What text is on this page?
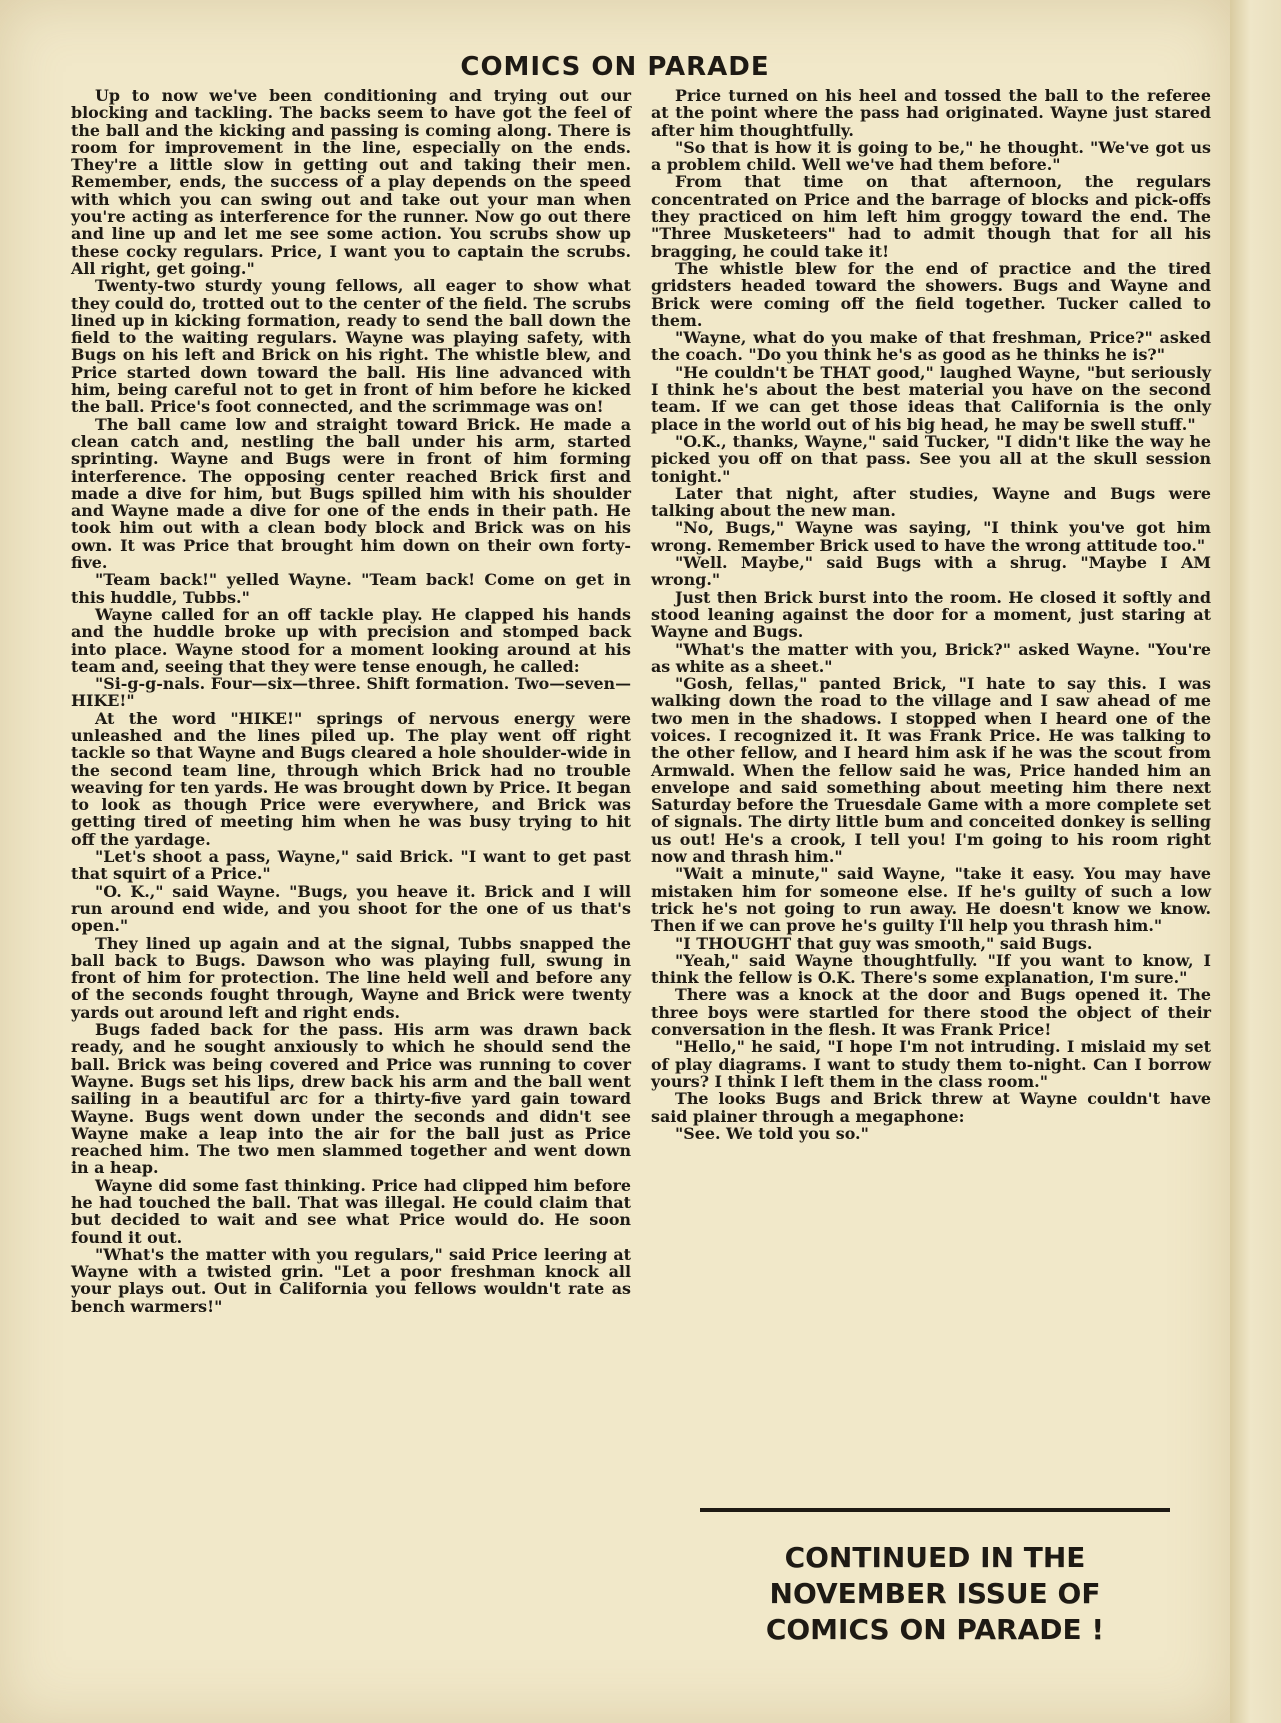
COMICS ON PARADE

Up to now we've been conditioning and trying out our blocking and tackling. The backs seem to have got the feel of the ball and the kicking and passing is coming along. There is room for improvement in the line, especially on the ends. They're a little slow in getting out and taking their men. Remember, ends, the success of a play depends on the speed with which you can swing out and take out your man when you're acting as interference for the runner. Now go out there and line up and let me see some action. You scrubs show up these cocky regulars. Price, I want you to captain the scrubs. All right, get going."

Twenty-two sturdy young fellows, all eager to show what they could do, trotted out to the center of the field. The scrubs lined up in kicking formation, ready to send the ball down the field to the waiting regulars. Wayne was playing safety, with Bugs on his left and Brick on his right. The whistle blew, and Price started down toward the ball. His line advanced with him, being careful not to get in front of him before he kicked the ball. Price's foot connected, and the scrimmage was on!

The ball came low and straight toward Brick. He made a clean catch and, nestling the ball under his arm, started sprinting. Wayne and Bugs were in front of him forming interference. The opposing center reached Brick first and made a dive for him, but Bugs spilled him with his shoulder and Wayne made a dive for one of the ends in their path. He took him out with a clean body block and Brick was on his own. It was Price that brought him down on their own forty-five.

"Team back!" yelled Wayne. "Team back! Come on get in this huddle, Tubbs."

Wayne called for an off tackle play. He clapped his hands and the huddle broke up with precision and stomped back into place. Wayne stood for a moment looking around at his team and, seeing that they were tense enough, he called:

"Si-g-g-nals. Four—six—three. Shift formation. Two—seven—HIKE!"

At the word "HIKE!" springs of nervous energy were unleashed and the lines piled up. The play went off right tackle so that Wayne and Bugs cleared a hole shoulder-wide in the second team line, through which Brick had no trouble weaving for ten yards. He was brought down by Price. It began to look as though Price were everywhere, and Brick was getting tired of meeting him when he was busy trying to hit off the yardage.

"Let's shoot a pass, Wayne," said Brick. "I want to get past that squirt of a Price."

"O. K.," said Wayne. "Bugs, you heave it. Brick and I will run around end wide, and you shoot for the one of us that's open."

They lined up again and at the signal, Tubbs snapped the ball back to Bugs. Dawson who was playing full, swung in front of him for protection. The line held well and before any of the seconds fought through, Wayne and Brick were twenty yards out around left and right ends.

Bugs faded back for the pass. His arm was drawn back ready, and he sought anxiously to which he should send the ball. Brick was being covered and Price was running to cover Wayne. Bugs set his lips, drew back his arm and the ball went sailing in a beautiful arc for a thirty-five yard gain toward Wayne. Bugs went down under the seconds and didn't see Wayne make a leap into the air for the ball just as Price reached him. The two men slammed together and went down in a heap.

Wayne did some fast thinking. Price had clipped him before he had touched the ball. That was illegal. He could claim that but decided to wait and see what Price would do. He soon found it out.

"What's the matter with you regulars," said Price leering at Wayne with a twisted grin. "Let a poor freshman knock all your plays out. Out in California you fellows wouldn't rate as bench warmers!"

Price turned on his heel and tossed the ball to the referee at the point where the pass had originated. Wayne just stared after him thoughtfully.

"So that is how it is going to be," he thought. "We've got us a problem child. Well we've had them before."

From that time on that afternoon, the regulars concentrated on Price and the barrage of blocks and pick-offs they practiced on him left him groggy toward the end. The "Three Musketeers" had to admit though that for all his bragging, he could take it!

The whistle blew for the end of practice and the tired gridsters headed toward the showers. Bugs and Wayne and Brick were coming off the field together. Tucker called to them.

"Wayne, what do you make of that freshman, Price?" asked the coach. "Do you think he's as good as he thinks he is?"

"He couldn't be THAT good," laughed Wayne, "but seriously I think he's about the best material you have on the second team. If we can get those ideas that California is the only place in the world out of his big head, he may be swell stuff."

"O.K., thanks, Wayne," said Tucker, "I didn't like the way he picked you off on that pass. See you all at the skull session tonight."

Later that night, after studies, Wayne and Bugs were talking about the new man.

"No, Bugs," Wayne was saying, "I think you've got him wrong. Remember Brick used to have the wrong attitude too."

"Well. Maybe," said Bugs with a shrug. "Maybe I AM wrong."

Just then Brick burst into the room. He closed it softly and stood leaning against the door for a moment, just staring at Wayne and Bugs.

"What's the matter with you, Brick?" asked Wayne. "You're as white as a sheet."

"Gosh, fellas," panted Brick, "I hate to say this. I was walking down the road to the village and I saw ahead of me two men in the shadows. I stopped when I heard one of the voices. I recognized it. It was Frank Price. He was talking to the other fellow, and I heard him ask if he was the scout from Armwald. When the fellow said he was, Price handed him an envelope and said something about meeting him there next Saturday before the Truesdale Game with a more complete set of signals. The dirty little bum and conceited donkey is selling us out! He's a crook, I tell you! I'm going to his room right now and thrash him."

"Wait a minute," said Wayne, "take it easy. You may have mistaken him for someone else. If he's guilty of such a low trick he's not going to run away. He doesn't know we know. Then if we can prove he's guilty I'll help you thrash him."

"I THOUGHT that guy was smooth," said Bugs.

"Yeah," said Wayne thoughtfully. "If you want to know, I think the fellow is O.K. There's some explanation, I'm sure."

There was a knock at the door and Bugs opened it. The three boys were startled for there stood the object of their conversation in the flesh. It was Frank Price!

"Hello," he said, "I hope I'm not intruding. I mislaid my set of play diagrams. I want to study them to-night. Can I borrow yours? I think I left them in the class room."

The looks Bugs and Brick threw at Wayne couldn't have said plainer through a megaphone:

"See. We told you so."

CONTINUED IN THE
NOVEMBER ISSUE OF
COMICS ON PARADE !
